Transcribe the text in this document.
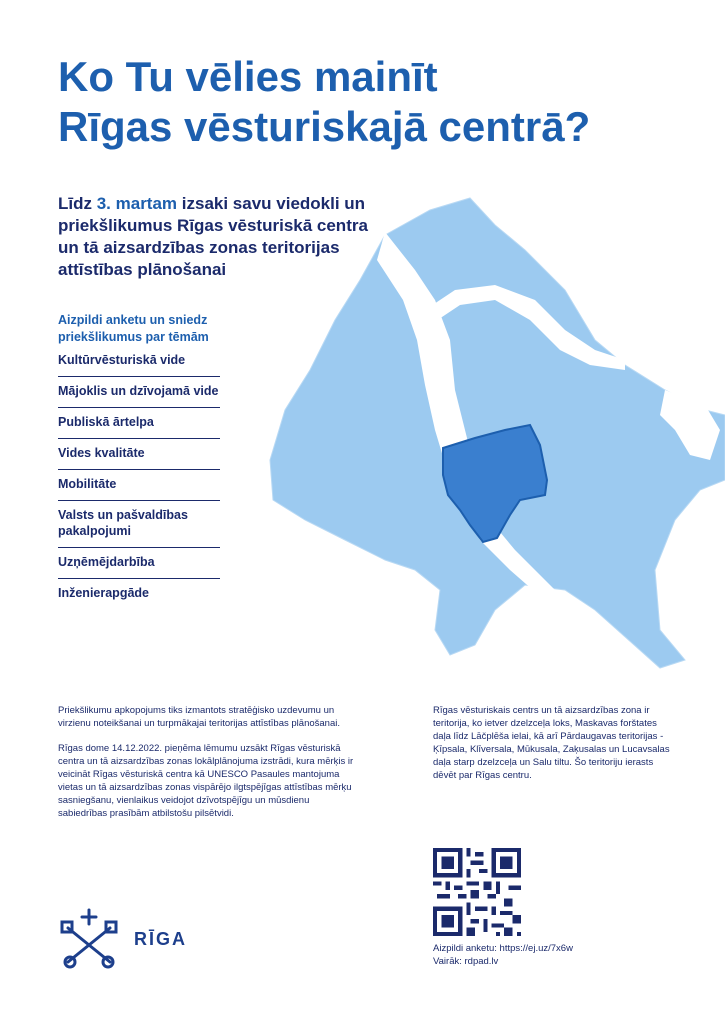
Ko Tu vēlies mainīt
Rīgas vēsturiskajā centrā?

Līdz 3. martam izsaki savu viedokli un priekšlikumus Rīgas vēsturiskā centra un tā aizsardzības zonas teritorijas attīstības plānošanai

Aizpildi anketu un sniedz priekšlikumus par tēmām
Kultūrvēsturiskā vide
Mājoklis un dzīvojamā vide
Publiskā ārtelpa
Vides kvalitāte
Mobilitāte
Valsts un pašvaldības pakalpojumi
Uzņēmējdarbība
Inženierapgāde

Priekšlikumu apkopojums tiks izmantots stratēģisko uzdevumu un virzienu noteikšanai un turpmākajai teritorijas attīstības plānošanai.

Rīgas dome 14.12.2022. pieņēma lēmumu uzsākt Rīgas vēsturiskā centra un tā aizsardzības zonas lokālplānojuma izstrādi, kura mērķis ir veicināt Rīgas vēsturiskā centra kā UNESCO Pasaules mantojuma vietas un tā aizsardzības zonas vispārējo ilgtspējīgas attīstības mērķu sasniegšanu, vienlaikus veidojot dzīvotspējīgu un mūsdienu sabiedrības prasībām atbilstošu pilsētvidi.

Rīgas vēsturiskais centrs un tā aizsardzības zona ir teritorija, ko ietver dzelzceļa loks, Maskavas forštates daļa līdz Lāčplēša ielai, kā arī Pārdaugavas teritorijas - Ķīpsala, Klīversala, Mūkusala, Zaķusalas un Lucavsalas daļa starp dzelzceļa un Salu tiltu. Šo teritoriju ierasts dēvēt par Rīgas centru.

Aizpildi anketu: https://ej.uz/7x6w
Vairāk: rdpad.lv
RĪGA
